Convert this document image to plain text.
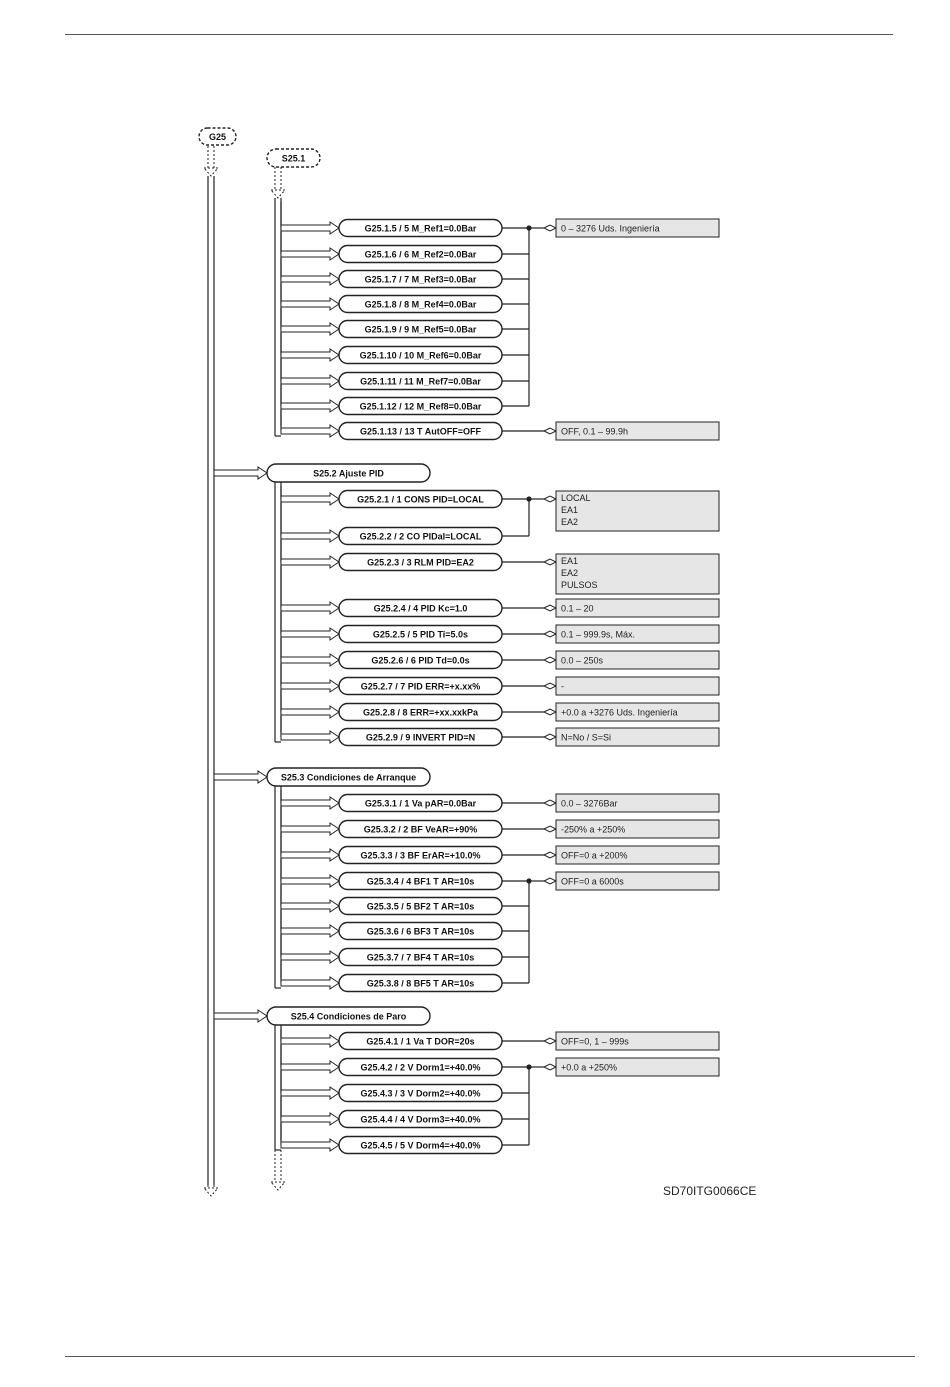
G25
S25.1
G25.1.5 / 5 M_Ref1=0.0Bar
G25.1.6 / 6 M_Ref2=0.0Bar
G25.1.7 / 7 M_Ref3=0.0Bar
G25.1.8 / 8 M_Ref4=0.0Bar
G25.1.9 / 9 M_Ref5=0.0Bar
G25.1.10 / 10 M_Ref6=0.0Bar
G25.1.11 / 11 M_Ref7=0.0Bar
G25.1.12 / 12 M_Ref8=0.0Bar
G25.1.13 / 13 T AutOFF=OFF
0 – 3276 Uds. Ingeniería
OFF, 0.1 – 99.9h
S25.2 Ajuste PID
G25.2.1 / 1 CONS PID=LOCAL
G25.2.2 / 2 CO PIDal=LOCAL
G25.2.3 / 3 RLM PID=EA2
G25.2.4 / 4 PID Kc=1.0
G25.2.5 / 5 PID Ti=5.0s
G25.2.6 / 6 PID Td=0.0s
G25.2.7 / 7 PID ERR=+x.xx%
G25.2.8 / 8 ERR=+xx.xxkPa
G25.2.9 / 9 INVERT PID=N
LOCAL
EA1
EA2
EA1
EA2
PULSOS
0.1 – 20
0.1 – 999.9s, Máx.
0.0 – 250s
-
+0.0 a +3276 Uds. Ingeniería
N=No / S=Si
S25.3 Condiciones de Arranque
G25.3.1 / 1 Va pAR=0.0Bar
G25.3.2 / 2 BF VeAR=+90%
G25.3.3 / 3 BF ErAR=+10.0%
G25.3.4 / 4 BF1 T AR=10s
G25.3.5 / 5 BF2 T AR=10s
G25.3.6 / 6 BF3 T AR=10s
G25.3.7 / 7 BF4 T AR=10s
G25.3.8 / 8 BF5 T AR=10s
0.0 – 3276Bar
-250% a +250%
OFF=0 a +200%
OFF=0 a 6000s
S25.4 Condiciones de Paro
G25.4.1 / 1 Va T DOR=20s
G25.4.2 / 2 V Dorm1=+40.0%
G25.4.3 / 3 V Dorm2=+40.0%
G25.4.4 / 4 V Dorm3=+40.0%
G25.4.5 / 5 V Dorm4=+40.0%
OFF=0, 1 – 999s
+0.0 a +250%
SD70ITG0066CE
